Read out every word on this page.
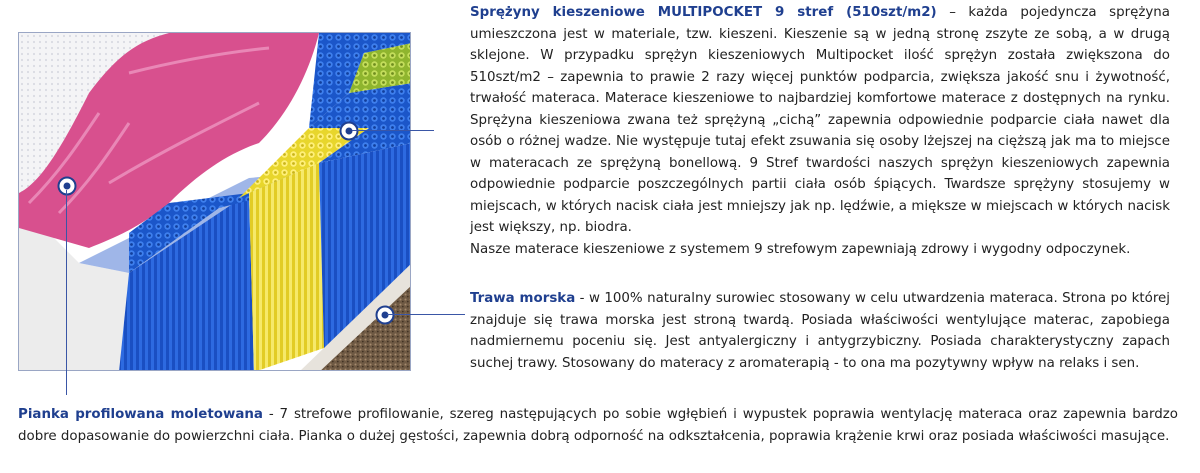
Sprężyny kieszeniowe MULTIPOCKET 9 stref (510szt/m2) – każda pojedyncza sprężyna umieszczona jest w materiale, tzw. kieszeni. Kieszenie są w jedną stronę zszyte ze sobą, a w drugą sklejone. W przypadku sprężyn kieszeniowych Multipocket ilość sprężyn została zwiększona do 510szt/m2 – zapewnia to prawie 2 razy więcej punktów podparcia, zwiększa jakość snu i żywotność, trwałość materaca. Materace kieszeniowe to najbardziej komfortowe materace z dostępnych na rynku. Sprężyna kieszeniowa zwana też sprężyną „cichą” zapewnia odpowiednie podparcie ciała nawet dla osób o różnej wadze. Nie występuje tutaj efekt zsuwania się osoby lżejszej na cięższą jak ma to miejsce w materacach ze sprężyną bonellową. 9 Stref twardości naszych sprężyn kieszeniowych zapewnia odpowiednie podparcie poszczególnych partii ciała osób śpiących. Twardsze sprężyny stosujemy w miejscach, w których nacisk ciała jest mniejszy jak np. lędźwie, a miększe w miejscach w których nacisk jest większy, np. biodra.

Nasze materace kieszeniowe z systemem 9 strefowym zapewniają zdrowy i wygodny odpoczynek.

Trawa morska - w 100% naturalny surowiec stosowany w celu utwardzenia materaca. Strona po której znajduje się trawa morska jest stroną twardą. Posiada właściwości wentylujące materac, zapobiega nadmiernemu poceniu się. Jest antyalergiczny i antygrzybiczny. Posiada charakterystyczny zapach suchej trawy. Stosowany do materacy z aromaterapią - to ona ma pozytywny wpływ na relaks i sen.

Pianka profilowana moletowana - 7 strefowe profilowanie, szereg następujących po sobie wgłębień i wypustek poprawia wentylację materaca oraz zapewnia bardzo dobre dopasowanie do powierzchni ciała. Pianka o dużej gęstości, zapewnia dobrą odporność na odkształcenia, poprawia krążenie krwi oraz posiada właściwości masujące.
